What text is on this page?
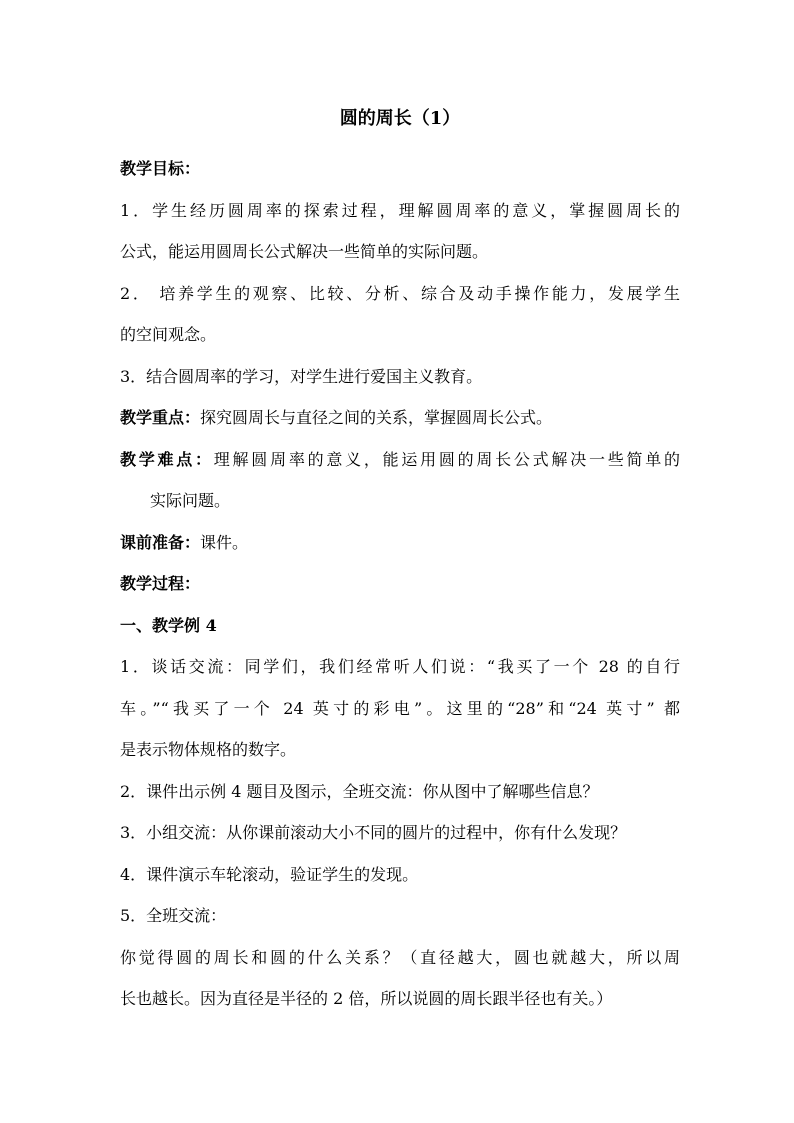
圆的周长（1）
教学目标：
1．学生经历圆周率的探索过程，理解圆周率的意义，掌握圆周长的
公式，能运用圆周长公式解决一些简单的实际问题。
2． 培养学生的观察、比较、分析、综合及动手操作能力，发展学生
的空间观念。
3．结合圆周率的学习，对学生进行爱国主义教育。
教学重点：探究圆周长与直径之间的关系，掌握圆周长公式。
教学难点：理解圆周率的意义，能运用圆的周长公式解决一些简单的
实际问题。
课前准备：课件。
教学过程：
一、教学例 4
1．谈话交流：同学们，我们经常听人们说：“我买了一个 28 的自行
车。”“我买了一个 24 英寸的彩电”。这里的“28”和“24 英寸” 都
是表示物体规格的数字。
2．课件出示例 4 题目及图示，全班交流：你从图中了解哪些信息？
3．小组交流：从你课前滚动大小不同的圆片的过程中，你有什么发现？
4．课件演示车轮滚动，验证学生的发现。
5．全班交流：
你觉得圆的周长和圆的什么关系？（直径越大，圆也就越大，所以周
长也越长。因为直径是半径的 2 倍，所以说圆的周长跟半径也有关。）
